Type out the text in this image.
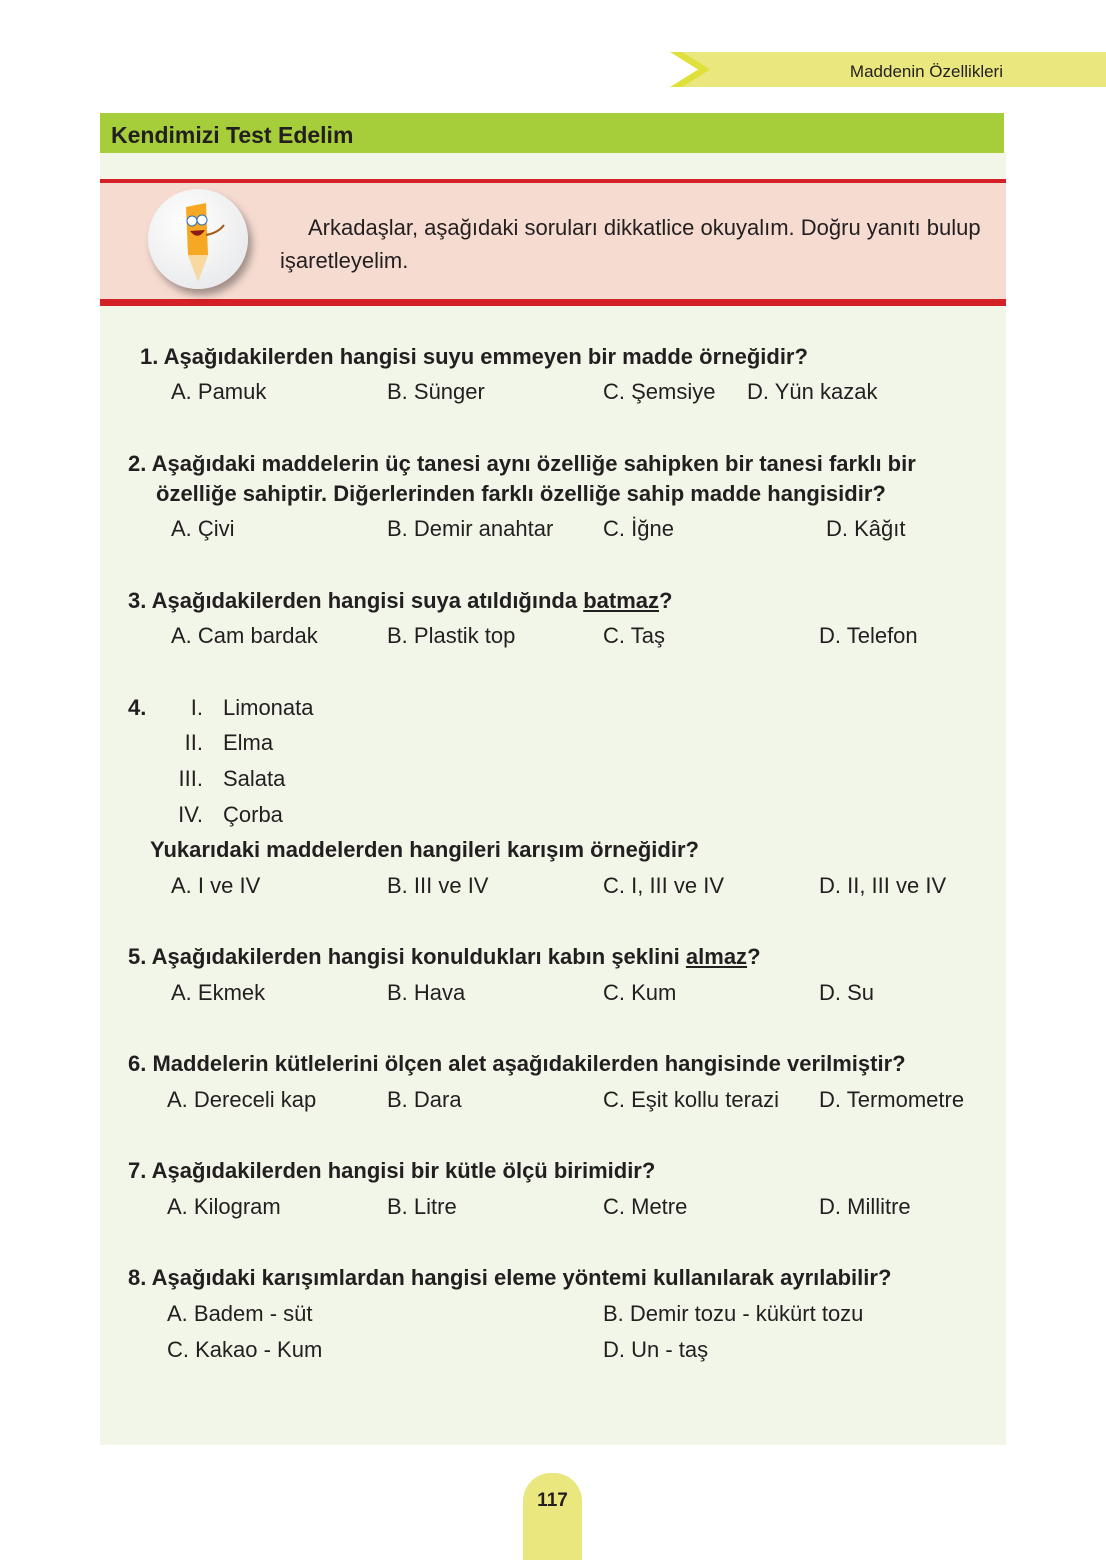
Maddenin Özellikleri
Kendimizi Test Edelim

Arkadaşlar, aşağıdaki soruları dikkatlice okuyalım. Doğru yanıtı bulup işaretleyelim.

1. Aşağıdakilerden hangisi suyu emmeyen bir madde örneğidir?
A. Pamuk	B. Sünger	C. Şemsiye D. Yün kazak
2. Aşağıdaki maddelerin üç tanesi aynı özelliğe sahipken bir tanesi farklı bir
özelliğe sahiptir. Diğerlerinden farklı özelliğe sahip madde hangisidir?
A. Çivi	B. Demir anahtar C. İğne	D. Kâğıt
3. Aşağıdakilerden hangisi suya atıldığında batmaz?
A. Cam bardak	B. Plastik top	C. Taş	D. Telefon
4.	I. Limonata
II. Elma
III. Salata
IV. Çorba
Yukarıdaki maddelerden hangileri karışım örneğidir?
A. I ve IV	B. III ve IV	C. I, III ve IV	D. II, III ve IV
5. Aşağıdakilerden hangisi konuldukları kabın şeklini almaz?
A. Ekmek	B. Hava	C. Kum	D. Su
6. Maddelerin kütlelerini ölçen alet aşağıdakilerden hangisinde verilmiştir?
A. Dereceli kap	B. Dara	C. Eşit kollu terazi D. Termometre
7. Aşağıdakilerden hangisi bir kütle ölçü birimidir?
A. Kilogram	B. Litre	C. Metre	D. Millitre
8. Aşağıdaki karışımlardan hangisi eleme yöntemi kullanılarak ayrılabilir?
A. Badem - süt	B. Demir tozu - kükürt tozu
C. Kakao - Kum	D. Un - taş
117
